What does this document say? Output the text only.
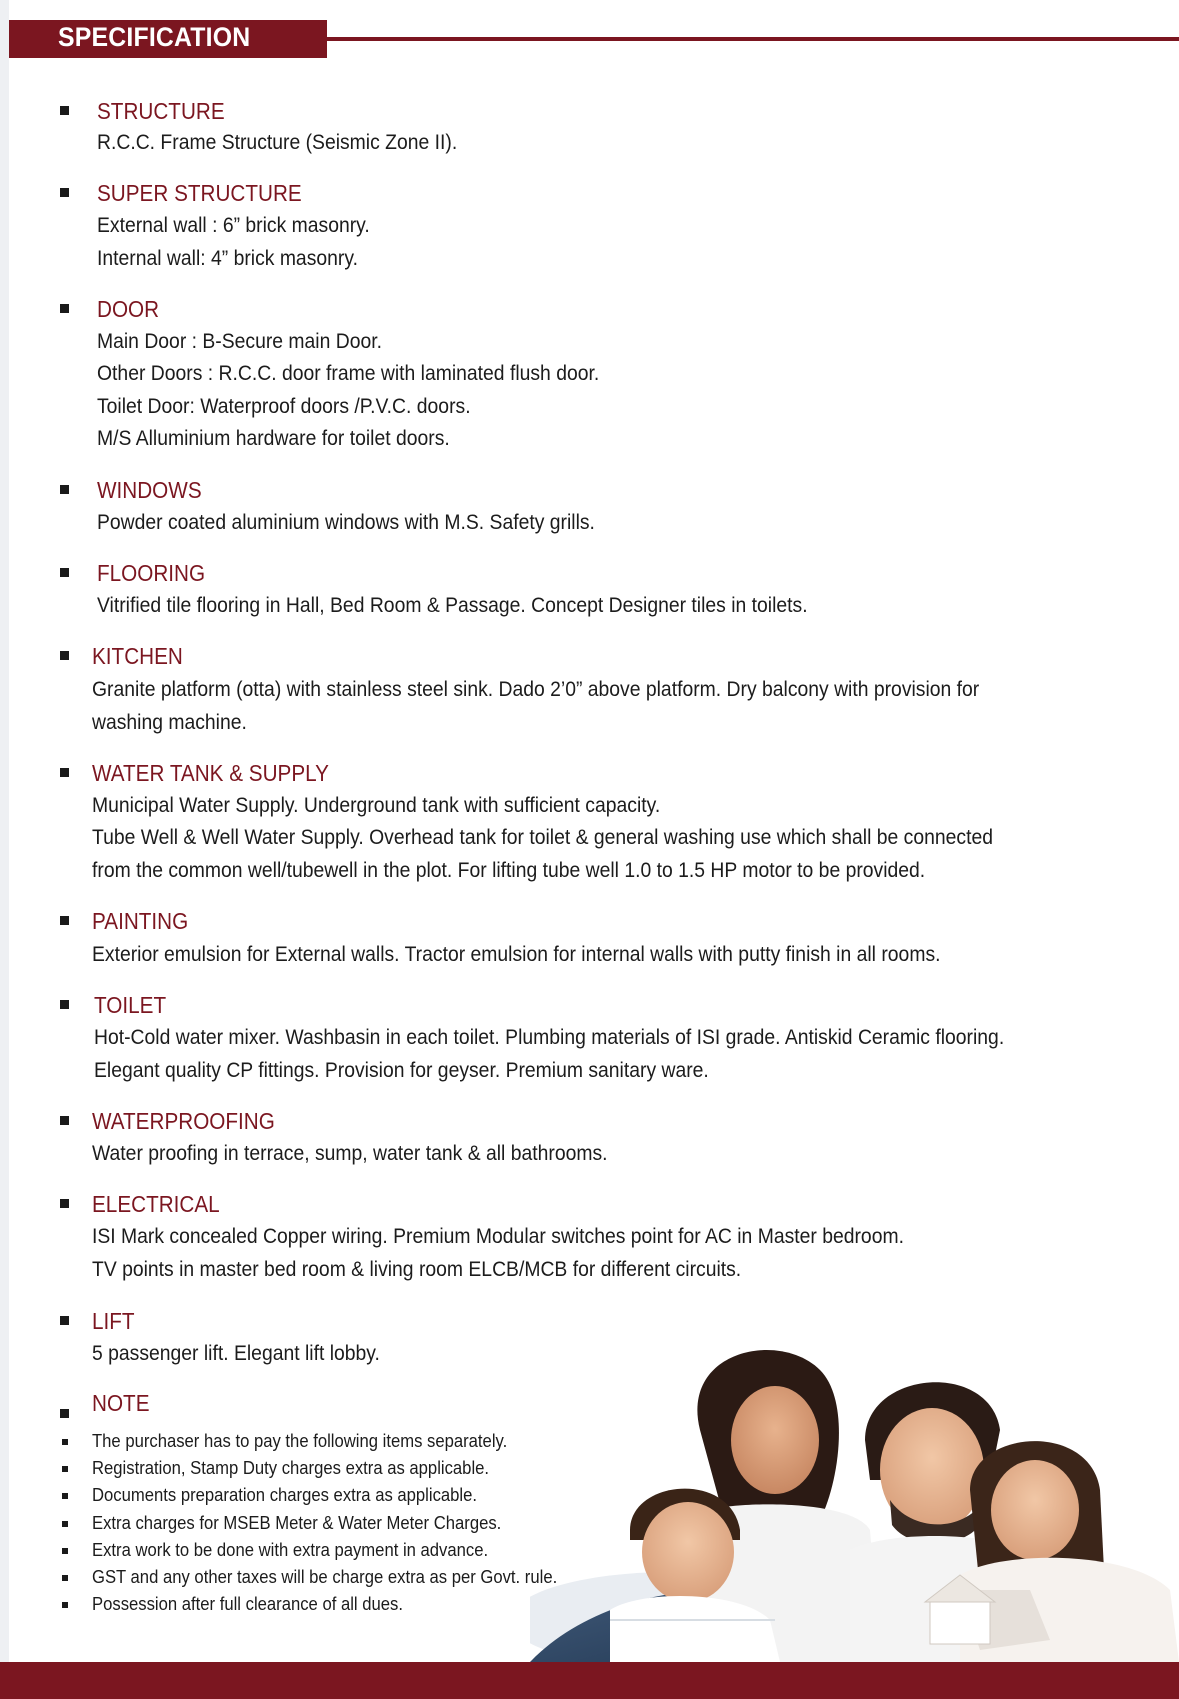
SPECIFICATION
STRUCTURE
R.C.C. Frame Structure (Seismic Zone II).
SUPER STRUCTURE
External wall : 6” brick masonry.
Internal wall: 4” brick masonry.
DOOR
Main Door : B-Secure main Door.
Other Doors : R.C.C. door frame with laminated flush door.
Toilet Door: Waterproof doors /P.V.C. doors.
M/S Alluminium hardware for toilet doors.
WINDOWS
Powder coated aluminium windows with M.S. Safety grills.
FLOORING
Vitrified tile flooring in Hall, Bed Room & Passage. Concept Designer tiles in toilets.
KITCHEN
Granite platform (otta) with stainless steel sink. Dado 2’0” above platform. Dry balcony with provision for
washing machine.
WATER TANK & SUPPLY
Municipal Water Supply. Underground tank with sufficient capacity.
Tube Well & Well Water Supply. Overhead tank for toilet & general washing use which shall be connected
from the common well/tubewell in the plot. For lifting tube well 1.0 to 1.5 HP motor to be provided.
PAINTING
Exterior emulsion for External walls. Tractor emulsion for internal walls with putty finish in all rooms.
TOILET
Hot-Cold water mixer. Washbasin in each toilet. Plumbing materials of ISI grade. Antiskid Ceramic flooring.
Elegant quality CP fittings. Provision for geyser. Premium sanitary ware.
WATERPROOFING
Water proofing in terrace, sump, water tank & all bathrooms.
ELECTRICAL
ISI Mark concealed Copper wiring. Premium Modular switches point for AC in Master bedroom.
TV points in master bed room & living room ELCB/MCB for different circuits.
LIFT
5 passenger lift. Elegant lift lobby.
NOTE
The purchaser has to pay the following items separately.
Registration, Stamp Duty charges extra as applicable.
Documents preparation charges extra as applicable.
Extra charges for MSEB Meter & Water Meter Charges.
Extra work to be done with extra payment in advance.
GST and any other taxes will be charge extra as per Govt. rule.
Possession after full clearance of all dues.
